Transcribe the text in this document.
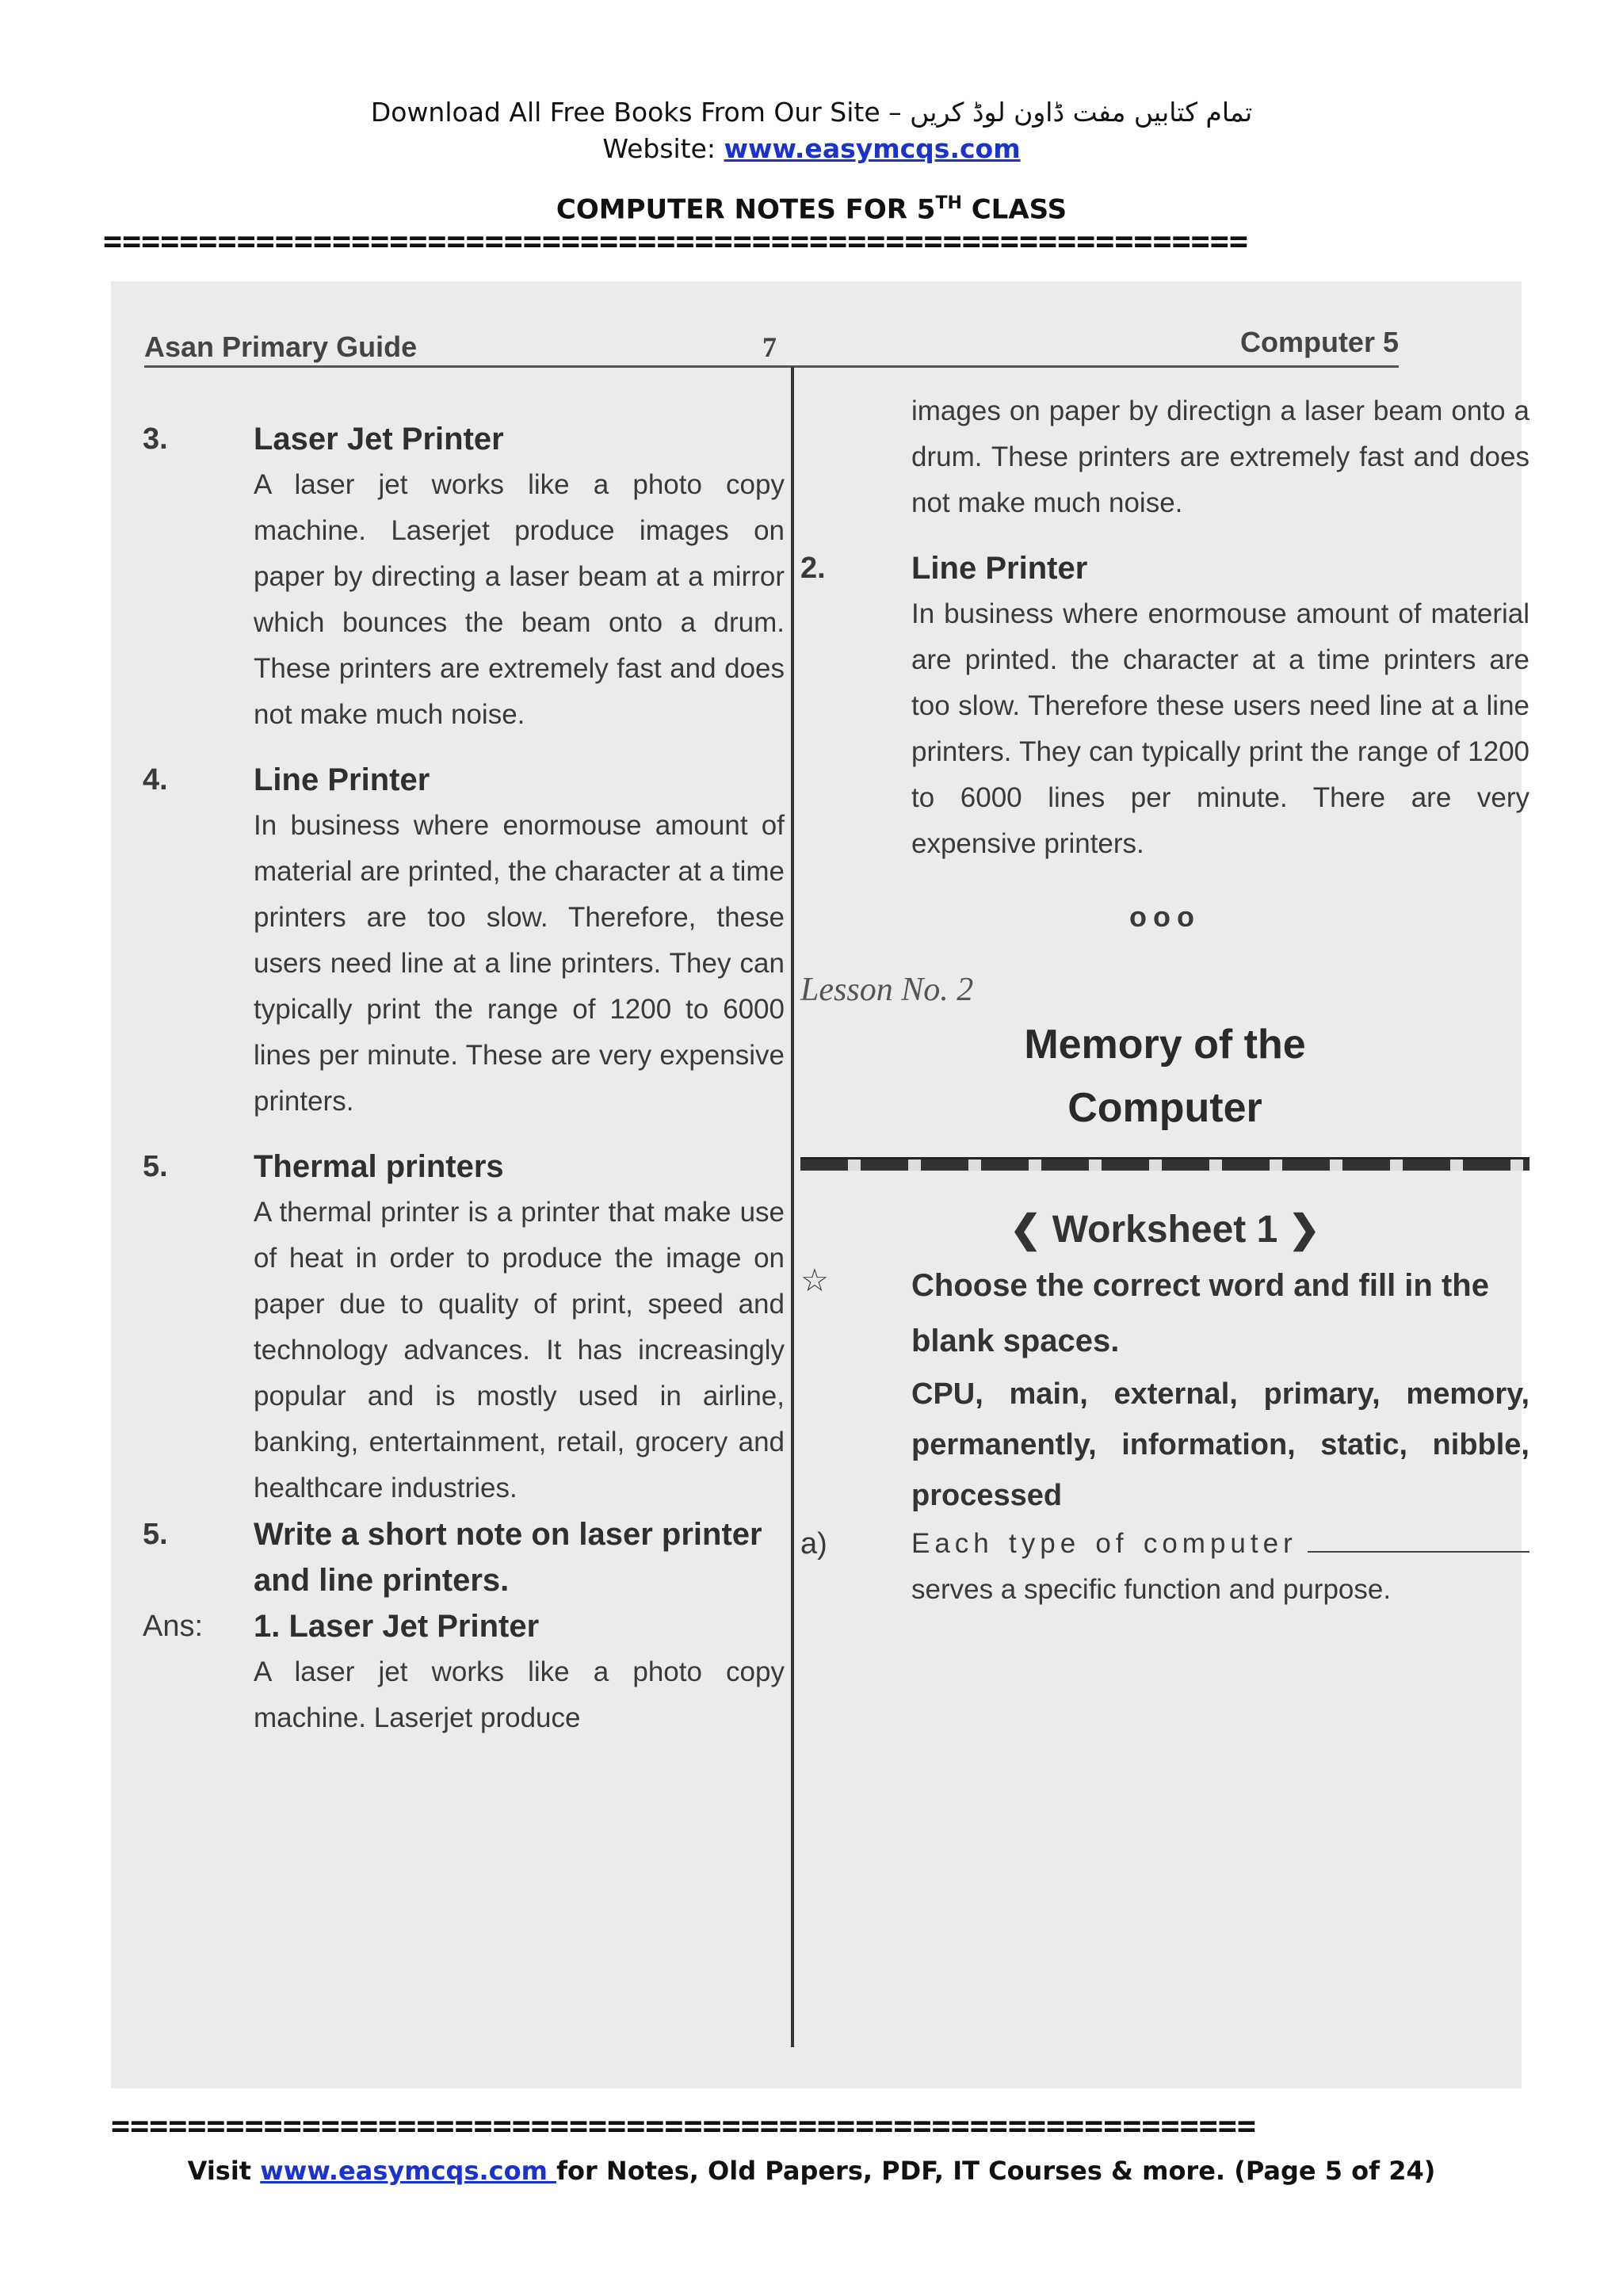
Download All Free Books From Our Site – تمام کتابیں مفت ڈاون لوڈ کریں
Website: www.easymcqs.com
COMPUTER NOTES FOR 5TH CLASS
============================================================
Asan Primary Guide	7	Computer 5
3.	Laser Jet Printer
A laser jet works like a photo copy machine. Laserjet produce images on paper by directing a laser beam at a mirror which bounces the beam onto a drum. These printers are extremely fast and does not make much noise.
4.	Line Printer
In business where enormouse amount of material are printed, the character at a time printers are too slow. Therefore, these users need line at a line printers. They can typically print the range of 1200 to 6000 lines per minute. These are very expensive printers.
5.	Thermal printers
A thermal printer is a printer that make use of heat in order to produce the image on paper due to quality of print, speed and technology advances. It has increasingly popular and is mostly used in airline, banking, entertainment, retail, grocery and healthcare industries.
5.	Write a short note on laser printer and line printers.
Ans: 1. Laser Jet Printer
A laser jet works like a photo copy machine. Laserjet produce
images on paper by directign a laser beam onto a drum. These printers are extremely fast and does not make much noise.
2.	Line Printer
In business where enormouse amount of material are printed. the character at a time printers are too slow. Therefore these users need line at a line printers. They can typically print the range of 1200 to 6000 lines per minute. There are very expensive printers.
ooo
Lesson No. 2
Memory of the
Computer
❮ Worksheet 1 ❯
☆	Choose the correct word and fill in the blank spaces.
CPU, main, external, primary, memory, permanently, information, static, nibble, processed
a)	Each type of computer  serves a specific function and purpose.
============================================================
Visit www.easymcqs.com for Notes, Old Papers, PDF, IT Courses & more. (Page 5 of 24)
